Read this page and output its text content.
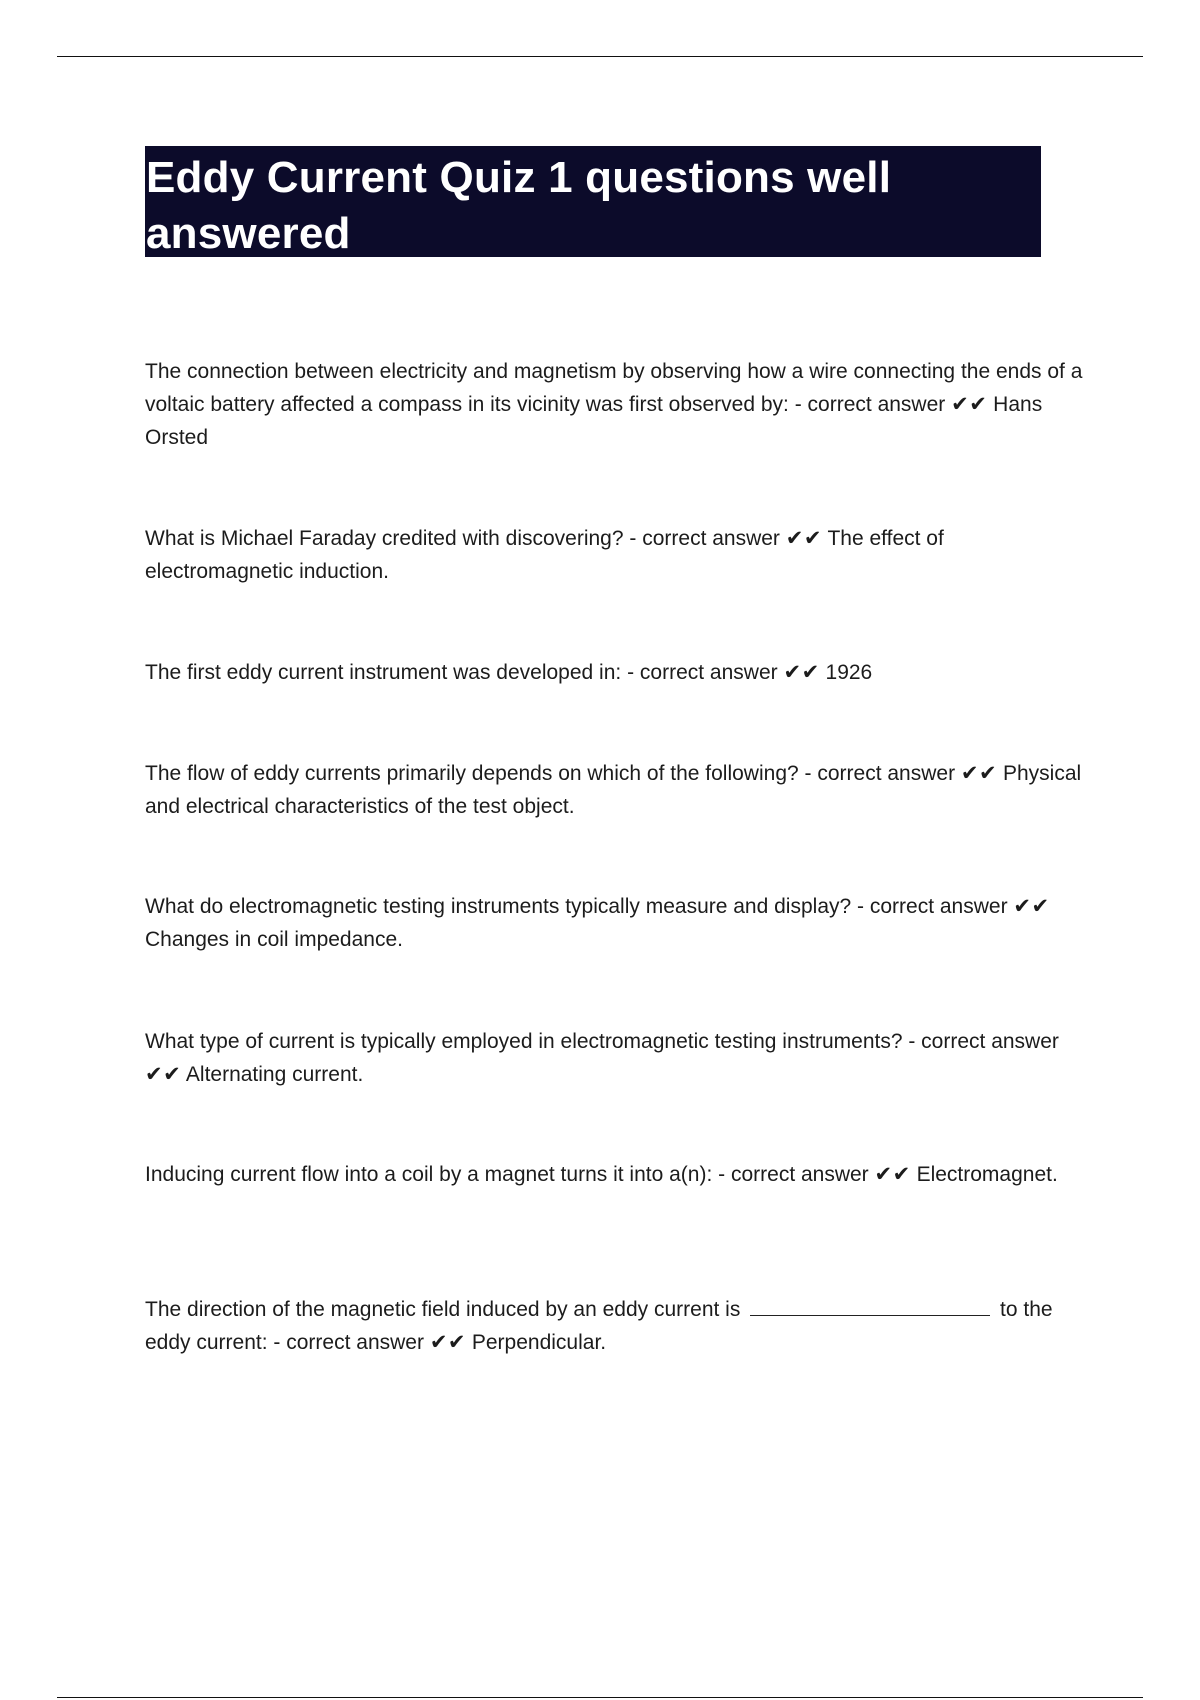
Eddy Current Quiz 1 questions well answered

The connection between electricity and magnetism by observing how a wire connecting the ends of a voltaic battery affected a compass in its vicinity was first observed by: - correct answer ✔✔ Hans Orsted

What is Michael Faraday credited with discovering? - correct answer ✔✔ The effect of electromagnetic induction.

The first eddy current instrument was developed in: - correct answer ✔✔ 1926

The flow of eddy currents primarily depends on which of the following? - correct answer ✔✔ Physical and electrical characteristics of the test object.

What do electromagnetic testing instruments typically measure and display? - correct answer ✔✔ Changes in coil impedance.

What type of current is typically employed in electromagnetic testing instruments? - correct answer ✔✔ Alternating current.

Inducing current flow into a coil by a magnet turns it into a(n): - correct answer ✔✔ Electromagnet.

The direction of the magnetic field induced by an eddy current is	to the eddy current: - correct answer ✔✔ Perpendicular.
